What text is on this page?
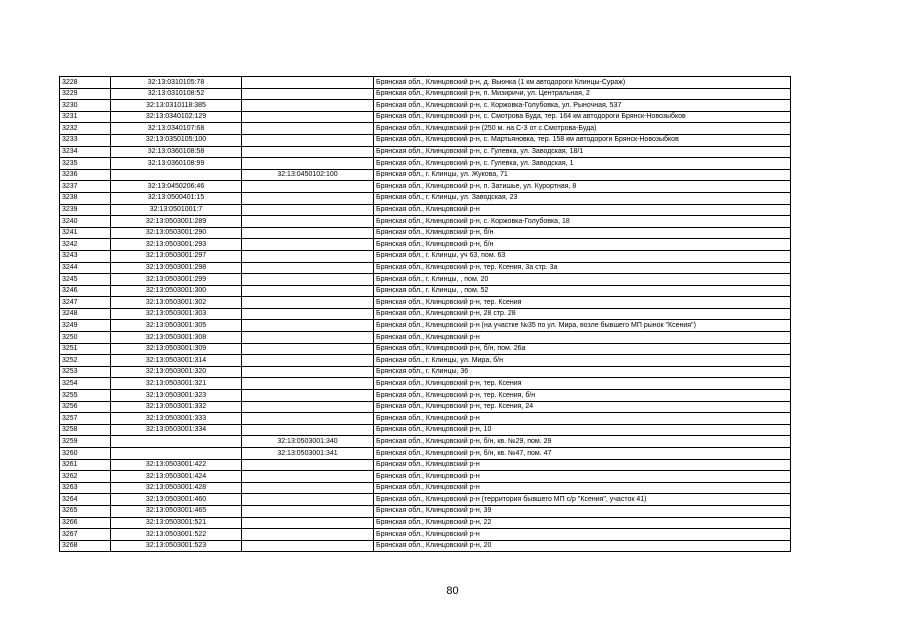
3228	32:13:0310105:78		Брянская обл., Клинцовский р-н, д. Вьюнка (1 км автодороги Клинцы-Сураж)
3229	32:13:0310108:52		Брянская обл., Клинцовский р-н, п. Мизиричи, ул. Центральная, 2
3230	32:13:0310118:385		Брянская обл., Клинцовский р-н, с. Коржовка-Голубовка, ул. Рыночная, 537
3231	32:13:0340102:129		Брянская обл., Клинцовский р-н, с. Смотрова Буда, тер. 164 км автодороги Брянск-Новозыбков
3232	32:13:0340107:68		Брянская обл., Клинцовский р-н (250 м. на С-З от с.Смотрова-Буда)
3233	32:13:0350105:100		Брянская обл., Клинцовский р-н, с. Мартьяновка, тер. 158 км автодороги Брянск-Новозыбков
3234	32:13:0360108:58		Брянская обл., Клинцовский р-н, с. Гулевка, ул. Заводская, 18/1
3235	32:13:0360108:99		Брянская обл., Клинцовский р-н, с. Гулевка, ул. Заводская, 1
3236		32:13:0450102:100	Брянская обл., г. Клинцы, ул. Жукова, 71
3237	32:13:0450206:46		Брянская обл., Клинцовский р-н, п. Затишье, ул. Курортная, 8
3238	32:13:0500401:15		Брянская обл., г. Клинцы, ул. Заводская, 23
3239	32:13:0501001:7		Брянская обл., Клинцовский р-н
3240	32:13:0503001:289		Брянская обл., Клинцовский р-н, с. Коржовка-Голубовка, 18
3241	32:13:0503001:290		Брянская обл., Клинцовский р-н, б/н
3242	32:13:0503001:293		Брянская обл., Клинцовский р-н, б/н
3243	32:13:0503001:297		Брянская обл., г. Клинцы, уч 63, пом. 63
3244	32:13:0503001:298		Брянская обл., Клинцовский р-н, тер. Ксения, 3а стр. 3а
3245	32:13:0503001:299		Брянская обл., г. Клинцы, , пом. 20
3246	32:13:0503001:300		Брянская обл., г. Клинцы, , пом. 52
3247	32:13:0503001:302		Брянская обл., Клинцовский р-н, тер. Ксения
3248	32:13:0503001:303		Брянская обл., Клинцовский р-н, 28 стр. 28
3249	32:13:0503001:305		Брянская обл., Клинцовский р-н (на участке №35 по ул. Мира, возле бывшего МП рынок "Ксения")
3250	32:13:0503001:308		Брянская обл., Клинцовский р-н
3251	32:13:0503001:309		Брянская обл., Клинцовский р-н, б/н, пом. 26а
3252	32:13:0503001:314		Брянская обл., г. Клинцы, ул. Мира, б/н
3253	32:13:0503001:320		Брянская обл., г. Клинцы, 36
3254	32:13:0503001:321		Брянская обл., Клинцовский р-н, тер. Ксения
3255	32:13:0503001:323		Брянская обл., Клинцовский р-н, тер. Ксения, б/н
3256	32:13:0503001:332		Брянская обл., Клинцовский р-н, тер. Ксения, 24
3257	32:13:0503001:333		Брянская обл., Клинцовский р-н
3258	32:13:0503001:334		Брянская обл., Клинцовский р-н, 10
3259		32:13:0503001:340	Брянская обл., Клинцовский р-н, б/н, кв. №29, пом. 29
3260		32:13:0503001:341	Брянская обл., Клинцовский р-н, б/н, кв. №47, пом. 47
3261	32:13:0503001:422		Брянская обл., Клинцовский р-н
3262	32:13:0503001:424		Брянская обл., Клинцовский р-н
3263	32:13:0503001:428		Брянская обл., Клинцовский р-н
3264	32:13:0503001:460		Брянская обл., Клинцовский р-н (территория бывшего МП с/р "Ксения", участок 41)
3265	32:13:0503001:465		Брянская обл., Клинцовский р-н, 39
3266	32:13:0503001:521		Брянская обл., Клинцовский р-н, 22
3267	32:13:0503001:522		Брянская обл., Клинцовский р-н
3268	32:13:0503001:523		Брянская обл., Клинцовский р-н, 20
80
